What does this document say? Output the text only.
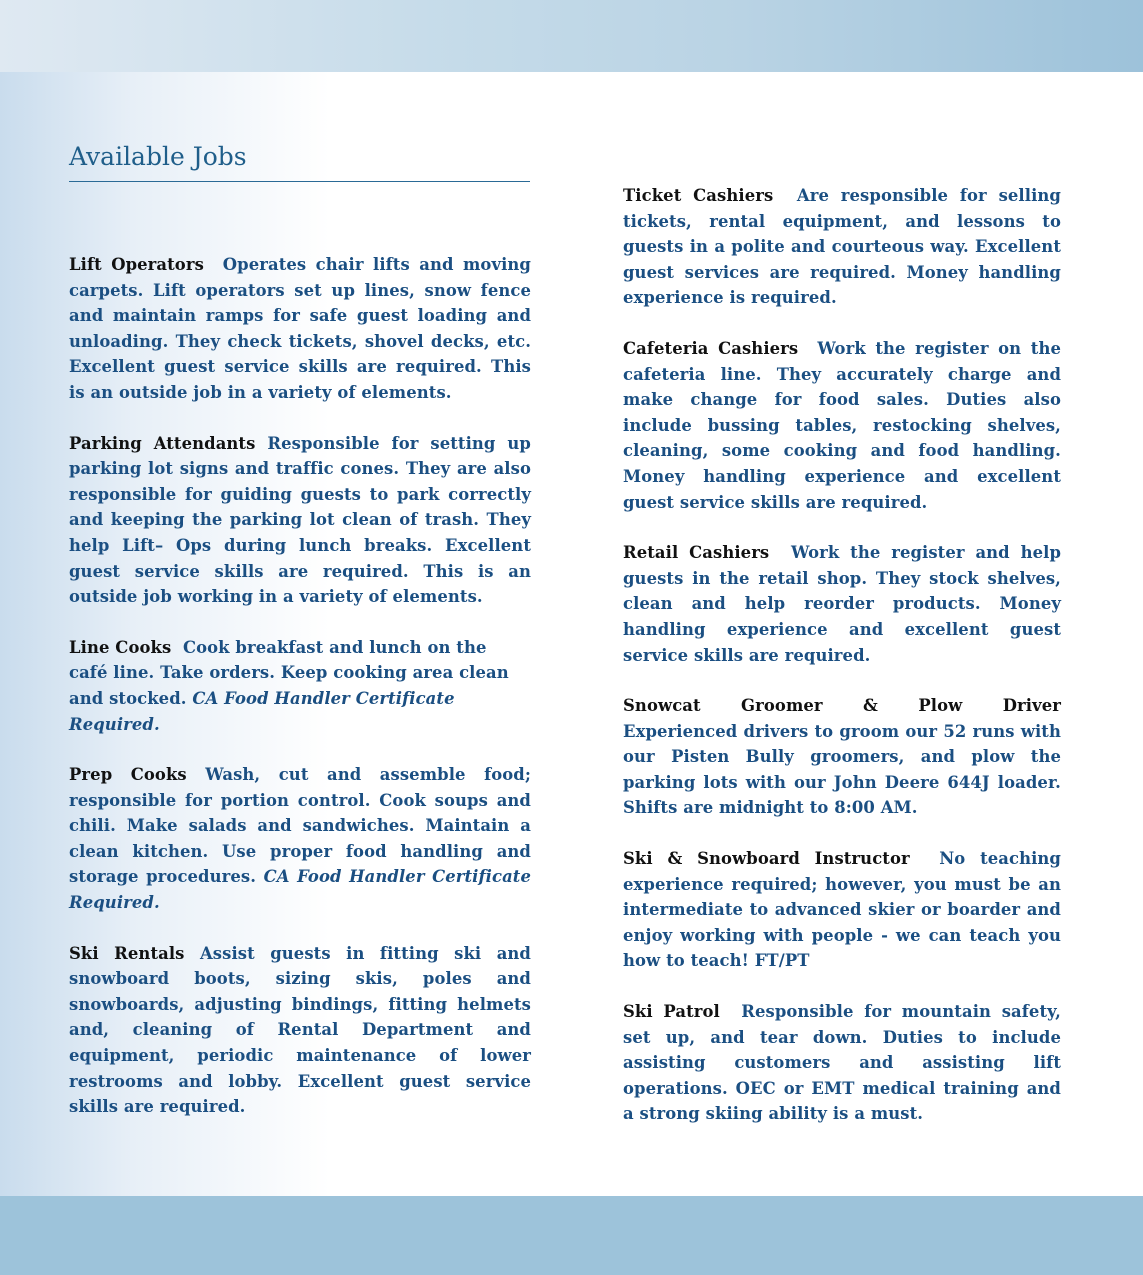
Available Jobs

Lift Operators Operates chair lifts and moving carpets. Lift operators set up lines, snow fence and maintain ramps for safe guest loading and unloading. They check tickets, shovel decks, etc. Excellent guest service skills are required. This is an outside job in a variety of elements.

Parking Attendants Responsible for setting up parking lot signs and traffic cones. They are also responsible for guiding guests to park correctly and keeping the parking lot clean of trash. They help Lift– Ops during lunch breaks. Excellent guest service skills are required. This is an outside job working in a variety of elements.

Line Cooks Cook breakfast and lunch on the café line. Take orders. Keep cooking area clean and stocked. CA Food Handler Certificate Required.

Prep Cooks Wash, cut and assemble food; responsible for portion control. Cook soups and chili. Make salads and sandwiches. Maintain a clean kitchen. Use proper food handling and storage procedures. CA Food Handler Certificate Required.

Ski Rentals Assist guests in fitting ski and snowboard boots, sizing skis, poles and snowboards, adjusting bindings, fitting helmets and, cleaning of Rental Department and equipment, periodic maintenance of lower restrooms and lobby. Excellent guest service skills are required.

Ticket Cashiers Are responsible for selling tickets, rental equipment, and lessons to guests in a polite and courteous way. Excellent guest services are required. Money handling experience is required.

Cafeteria Cashiers Work the register on the cafeteria line. They accurately charge and make change for food sales. Duties also include bussing tables, restocking shelves, cleaning, some cooking and food handling. Money handling experience and excellent guest service skills are required.

Retail Cashiers Work the register and help guests in the retail shop. They stock shelves, clean and help reorder products. Money handling experience and excellent guest service skills are required.

Snowcat Groomer & Plow Driver
Experienced drivers to groom our 52 runs with our Pisten Bully groomers, and plow the parking lots with our John Deere 644J loader. Shifts are midnight to 8:00 AM.

Ski & Snowboard Instructor No teaching experience required; however, you must be an intermediate to advanced skier or boarder and enjoy working with people - we can teach you how to teach! FT/PT

Ski Patrol Responsible for mountain safety, set up, and tear down. Duties to include assisting customers and assisting lift operations. OEC or EMT medical training and a strong skiing ability is a must.
